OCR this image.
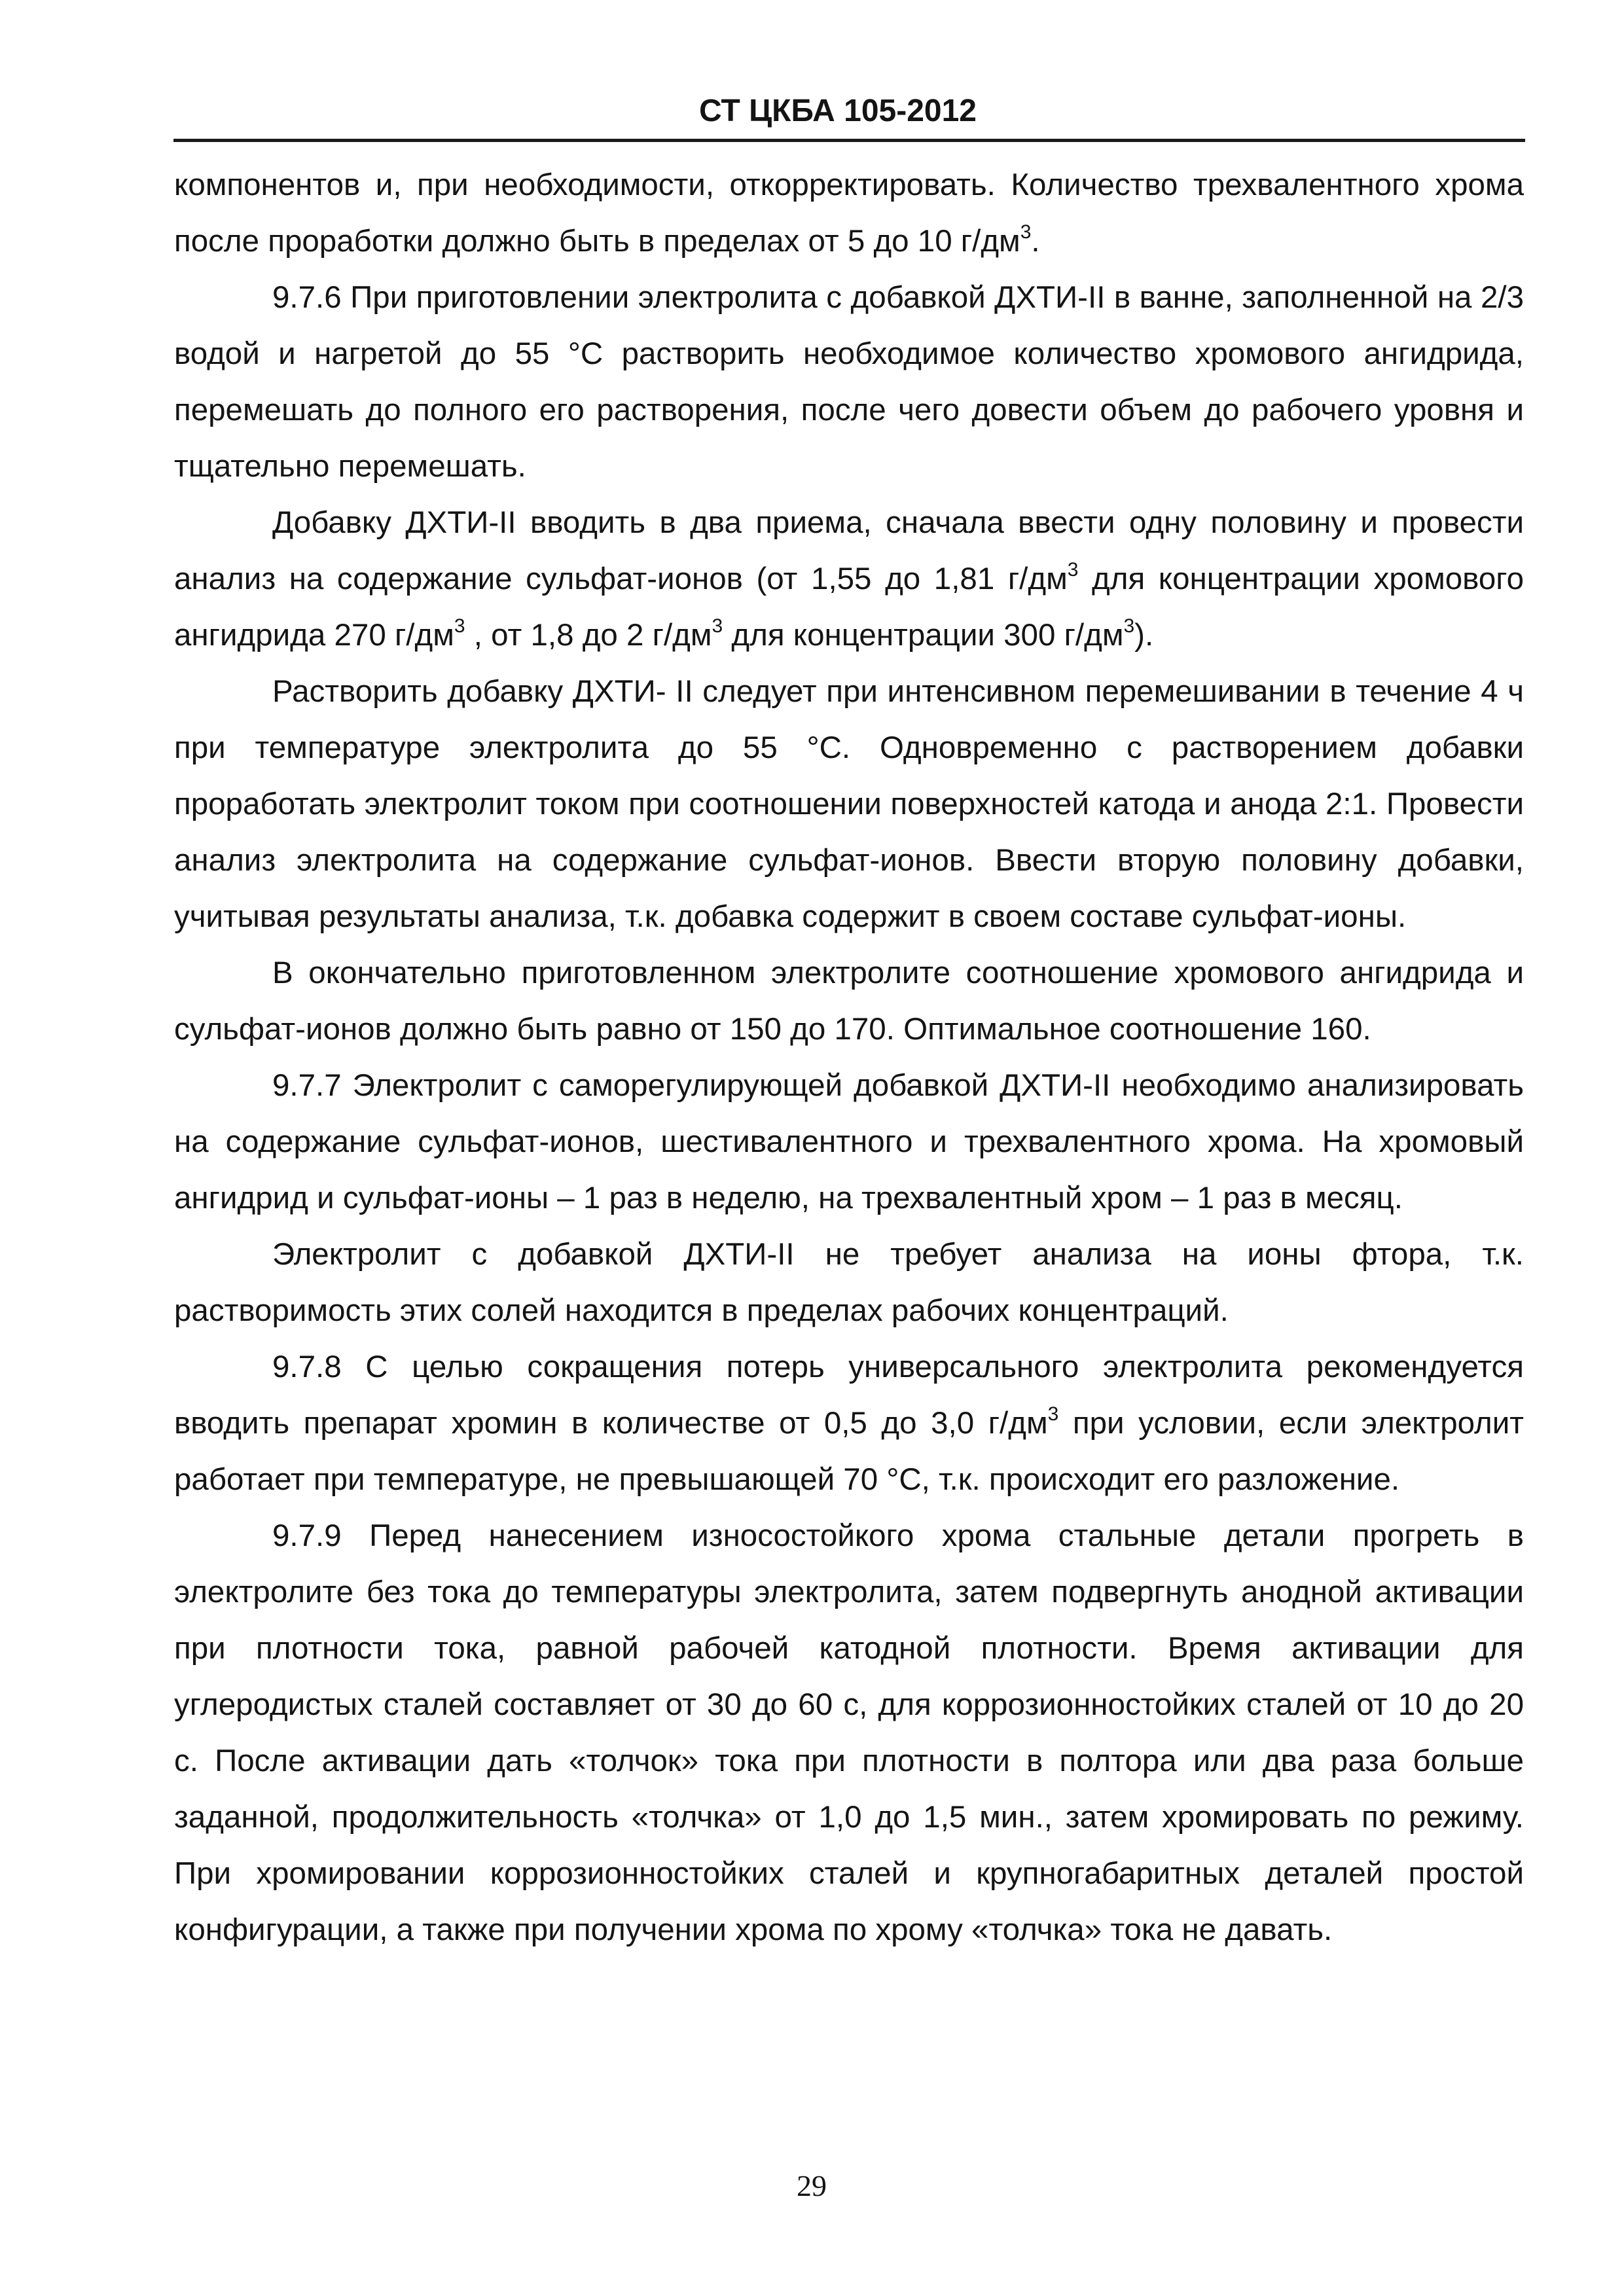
СТ ЦКБА 105-2012

компонентов и, при необходимости, откорректировать. Количество трехвалентного хрома после проработки должно быть в пределах от 5 до 10 $г/дм^3$.

9.7.6 При приготовлении электролита с добавкой ДХТИ-II в ванне, заполненной на 2/3 водой и нагретой до 55 °С растворить необходимое количество хромового ангидрида, перемешать до полного его растворения, после чего довести объем до рабочего уровня и тщательно перемешать.

Добавку ДХТИ-II вводить в два приема, сначала ввести одну половину и провести анализ на содержание сульфат-ионов (от 1,55 до 1,81 $г/дм^3$ для концентрации хромового ангидрида 270 $г/дм^3$ , от 1,8 до 2 $г/дм^3$ для концентрации 300 $г/дм^3$).

Растворить добавку ДХТИ- II следует при интенсивном перемешивании в течение 4 ч при температуре электролита до 55 °С. Одновременно с растворением добавки проработать электролит током при соотношении поверхностей катода и анода 2:1. Провести анализ электролита на содержание сульфат-ионов. Ввести вторую половину добавки, учитывая результаты анализа, т.к. добавка содержит в своем составе сульфат-ионы.

В окончательно приготовленном электролите соотношение хромового ангидрида и сульфат-ионов должно быть равно от 150 до 170. Оптимальное соотношение 160.

9.7.7 Электролит с саморегулирующей добавкой ДХТИ-II необходимо анализировать на содержание сульфат-ионов, шестивалентного и трехвалентного хрома. На хромовый ангидрид и сульфат-ионы – 1 раз в неделю, на трехвалентный хром – 1 раз в месяц.

Электролит с добавкой ДХТИ-II не требует анализа на ионы фтора, т.к. растворимость этих солей находится в пределах рабочих концентраций.

9.7.8 С целью сокращения потерь универсального электролита рекомендуется вводить препарат хромин в количестве от 0,5 до 3,0 $г/дм^3$ при условии, если электролит работает при температуре, не превышающей 70 °С, т.к. происходит его разложение.

9.7.9 Перед нанесением износостойкого хрома стальные детали прогреть в электролите без тока до температуры электролита, затем подвергнуть анодной активации при плотности тока, равной рабочей катодной плотности. Время активации для углеродистых сталей составляет от 30 до 60 с, для коррозионностойких сталей от 10 до 20 с. После активации дать «толчок» тока при плотности в полтора или два раза больше заданной, продолжительность «толчка» от 1,0 до 1,5 мин., затем хромировать по режиму. При хромировании коррозионностойких сталей и крупногабаритных деталей простой конфигурации, а также при получении хрома по хрому «толчка» тока не давать.

29
